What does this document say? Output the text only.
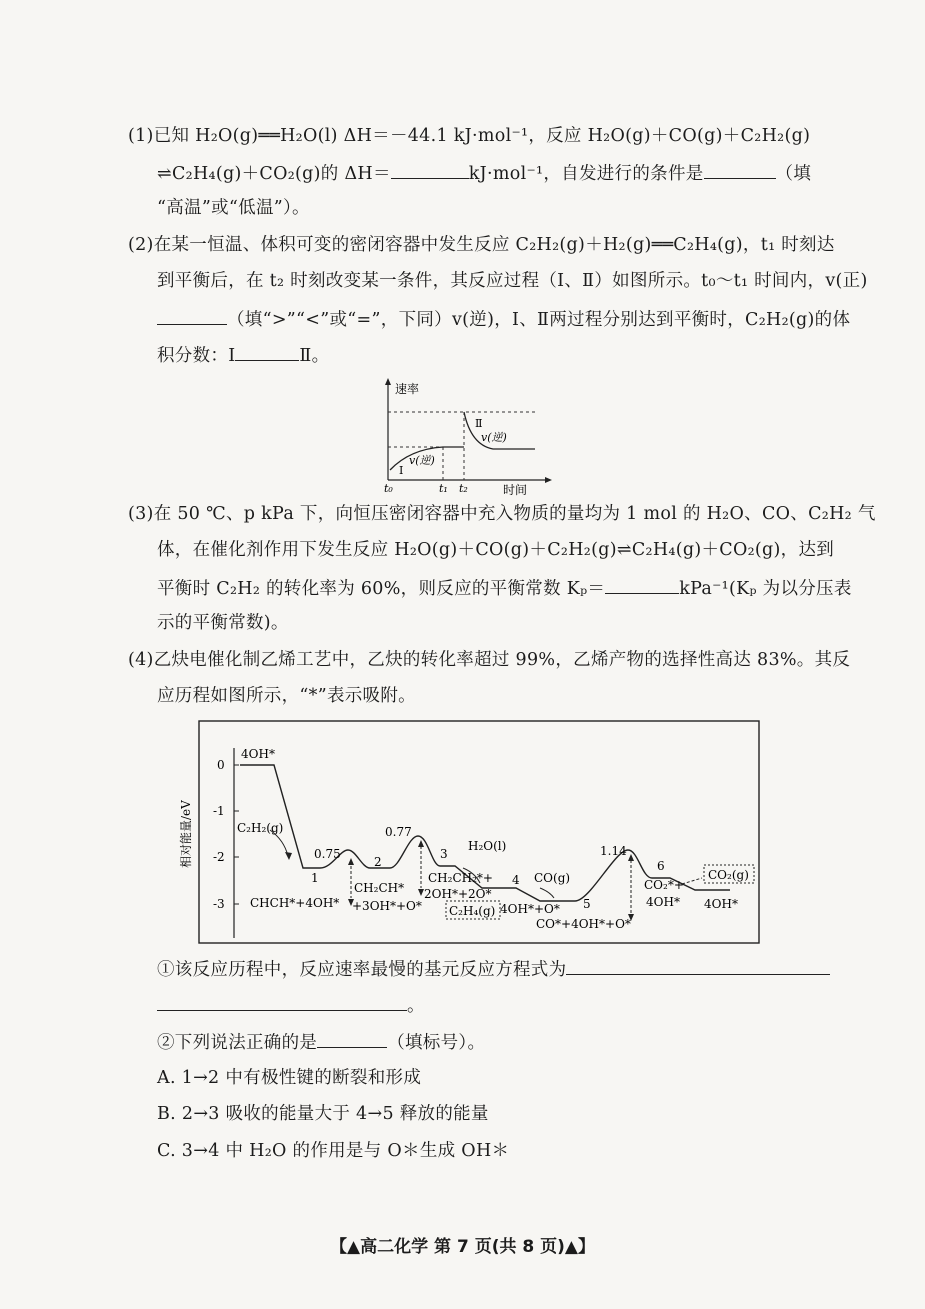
(1)已知 H₂O(g)══H₂O(l) ΔH＝－44.1 kJ·mol⁻¹，反应 H₂O(g)＋CO(g)＋C₂H₂(g)
⇌C₂H₄(g)＋CO₂(g)的 ΔH＝	kJ·mol⁻¹，自发进行的条件是	（填
“高温”或“低温”）。
(2)在某一恒温、体积可变的密闭容器中发生反应 C₂H₂(g)＋H₂(g)══C₂H₄(g)，t₁ 时刻达
到平衡后，在 t₂ 时刻改变某一条件，其反应过程（Ⅰ、Ⅱ）如图所示。t₀～t₁ 时间内，v(正)
（填“>”“<”或“=”，下同）v(逆)，Ⅰ、Ⅱ两过程分别达到平衡时，C₂H₂(g)的体
积分数：Ⅰ	Ⅱ。
速率
时间
t₀	t₁ t₂
Ⅰ
v(逆)
Ⅱ
v(逆)
(3)在 50 ℃、p kPa 下，向恒压密闭容器中充入物质的量均为 1 mol 的 H₂O、CO、C₂H₂ 气
体，在催化剂作用下发生反应 H₂O(g)＋CO(g)＋C₂H₂(g)⇌C₂H₄(g)＋CO₂(g)，达到
平衡时 C₂H₂ 的转化率为 60%，则反应的平衡常数 Kₚ＝	kPa⁻¹(Kₚ 为以分压表
示的平衡常数)。
(4)乙炔电催化制乙烯工艺中，乙炔的转化率超过 99%，乙烯产物的选择性高达 83%。其反
应历程如图所示，“*”表示吸附。
相对能量/eV
0
-1
-2
-3
4OH*
C₂H₂(g)
1
0.75
2
0.77
3
H₂O(l)
CHCH*+4OH*
CH₂CH*
+3OH*+O*
CH₂CH₂*+
2OH*+2O*
C₂H₄(g)
4 CO(g)
4OH*+O* 5
CO*+4OH*+O*
1.14
6
CO₂*+
4OH*
CO₂(g)
4OH*
①该反应历程中，反应速率最慢的基元反应方程式为
。
②下列说法正确的是	（填标号）。
A. 1→2 中有极性键的断裂和形成
B. 2→3 吸收的能量大于 4→5 释放的能量
C. 3→4 中 H₂O 的作用是与 O＊生成 OH＊
【▲高二化学 第 7 页(共 8 页)▲】
